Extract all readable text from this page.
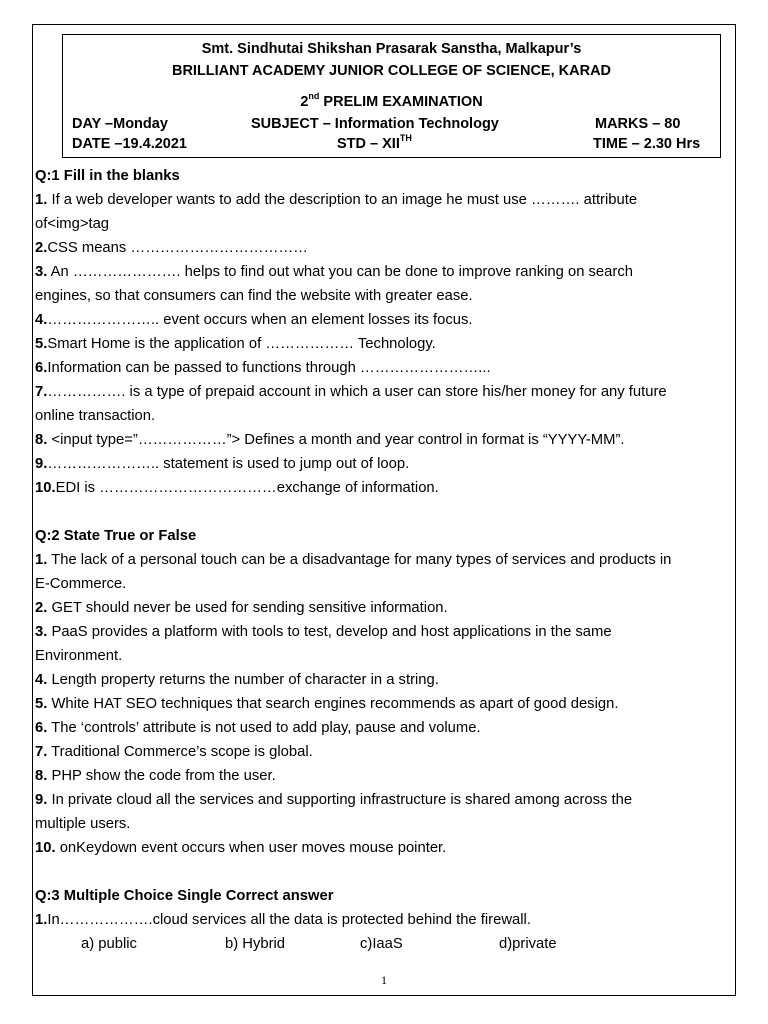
Smt. Sindhutai Shikshan Prasarak Sanstha, Malkapur’s
BRILLIANT ACADEMY JUNIOR COLLEGE OF SCIENCE, KARAD
2nd PRELIM EXAMINATION
DAY –Monday	SUBJECT – Information Technology	MARKS – 80
DATE –19.4.2021	STD – XIITH	TIME – 2.30 Hrs
Q:1 Fill in the blanks
1. If a web developer wants to add the description to an image he must use ………. attribute
of<img>tag
2.CSS means ………………………………
3. An …………………. helps to find out what you can be done to improve ranking on search
engines, so that consumers can find the website with greater ease.
4.………………….. event occurs when an element losses its focus.
5.Smart Home is the application of ……………… Technology.
6.Information can be passed to functions through ……………………...
7.……………. is a type of prepaid account in which a user can store his/her money for any future
online transaction.
8. <input type=”………………”> Defines a month and year control in format is “YYYY-MM”.
9.………………….. statement is used to jump out of loop.
10.EDI is ………………………………exchange of information.
Q:2 State True or False
1. The lack of a personal touch can be a disadvantage for many types of services and products in
E-Commerce.
2. GET should never be used for sending sensitive information.
3. PaaS provides a platform with tools to test, develop and host applications in the same
Environment.
4. Length property returns the number of character in a string.
5. White HAT SEO techniques that search engines recommends as apart of good design.
6. The ‘controls’ attribute is not used to add play, pause and volume.
7. Traditional Commerce’s scope is global.
8. PHP show the code from the user.
9. In private cloud all the services and supporting infrastructure is shared among across the
multiple users.
10. onKeydown event occurs when user moves mouse pointer.
Q:3 Multiple Choice Single Correct answer
1.In……………….cloud services all the data is protected behind the firewall.
a) public	b) Hybrid	c)IaaS	d)private
1
